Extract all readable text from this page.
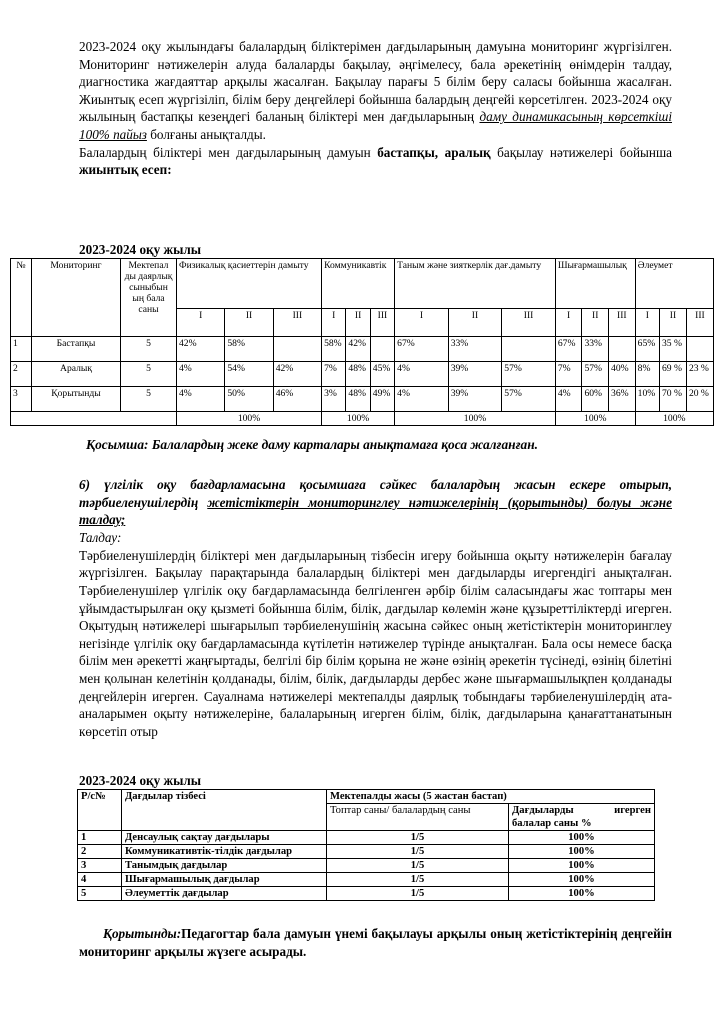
2023-2024 оқу жылындағы балалардың біліктерімен дағдыларының дамуына мониторинг жүргізілген. Мониторинг нәтижелерін алуда балаларды бақылау, әңгімелесу, бала әрекетінің өнімдерін талдау, диагностика жағдаяттар арқылы жасалған. Бақылау парағы 5 білім беру саласы бойынша жасалған. Жиынтық есеп жүргізіліп, білім беру деңгейлері бойынша балардың деңгейі көрсетілген. 2023-2024 оқу жылының бастапқы кезеңдегі баланың біліктері мен дағдыларының даму динамикасының көрсеткіші 100% пайыз болғаны анықталды.

Балалардың біліктері мен дағдыларының дамуын бастапқы, аралық бақылау нәтижелері бойынша жиынтық есеп:

2023-2024 оқу жылы
№	Мониторинг	Мектепал ды даярлық сыныбын ың бала саны	Физикалық қасиеттерін дамыту			Коммуникавтік			Таным және зияткерлік дағ.дамыту			Шығармашылық			Әлеумет		
			I	II	III	I	II	III	I	II	III	I	II	III	I	II	III
1	Бастапқы	5	42%	58%		58%	42%		67%	33%		67%	33%		65%	35 %	
2	Аралық	5	4%	54%	42%	7%	48%	45%	4%	39%	57%	7%	57%	40%	8%	69 %	23 %
3	Қорытынды	5	4%	50%	46%	3%	48%	49%	4%	39%	57%	4%	60%	36%	10%	70 %	20 %
			100%			100%			100%			100%			100%		
Қосымша: Балалардың жеке даму карталары анықтамаға қоса жалғанған.

6) үлгілік оқу бағдарламасына қосымшаға сәйкес балалардың жасын ескере отырып, тәрбиеленушілердің жетістіктерін мониторинглеу нәтижелерінің (қорытынды) болуы және талдау;

Талдау:

Тәрбиеленушілердің біліктері мен дағдыларының тізбесін игеру бойынша оқыту нәтижелерін бағалау жүргізілген. Бақылау парақтарында балалардың біліктері мен дағдыларды игергендігі анықталған. Тәрбиеленушілер үлгілік оқу бағдарламасында белгіленген әрбір білім саласындағы жас топтары мен ұйымдастырылған оқу қызметі бойынша білім, білік, дағдылар көлемін және құзыреттіліктерді игерген. Оқытудың нәтижелері шығарылып тәрбиеленушінің жасына сәйкес оның жетістіктерін мониторинглеу негізінде үлгілік оқу бағдарламасында күтілетін нәтижелер түрінде анықталған. Бала осы немесе басқа білім мен әрекетті жаңғыртады, белгілі бір білім қорына не және өзінің әрекетін түсінеді, өзінің білетіні мен қолынан келетінін қолданады, білім, білік, дағдыларды дербес және шығармашылықпен қолданады деңгейлерін игерген. Сауалнама нәтижелері мектепалды даярлық тобындағы тәрбиеленушілердің ата-аналарымен оқыту нәтижелеріне, балаларының игерген білім, білік, дағдыларына қанағаттанатынын көрсетіп отыр

2023-2024 оқу жылы
Р/с№	Дағдылар тізбесі	Мектепалды жасы (5 жастан бастап)	
		Топтар саны/ балалардың саны	Дағдыларды игерген балалар саны %
1	Денсаулық сақтау дағдылары	1/5	100%
2	Коммуникативтік-тілдік дағдылар	1/5	100%
3	Танымдық дағдылар	1/5	100%
4	Шығармашылық дағдылар	1/5	100%
5	Әлеуметтік дағдылар	1/5	100%

Қорытынды:Педагогтар бала дамуын үнемі бақылауы арқылы оның жетістіктерінің деңгейін мониторинг арқылы жүзеге асырады.
